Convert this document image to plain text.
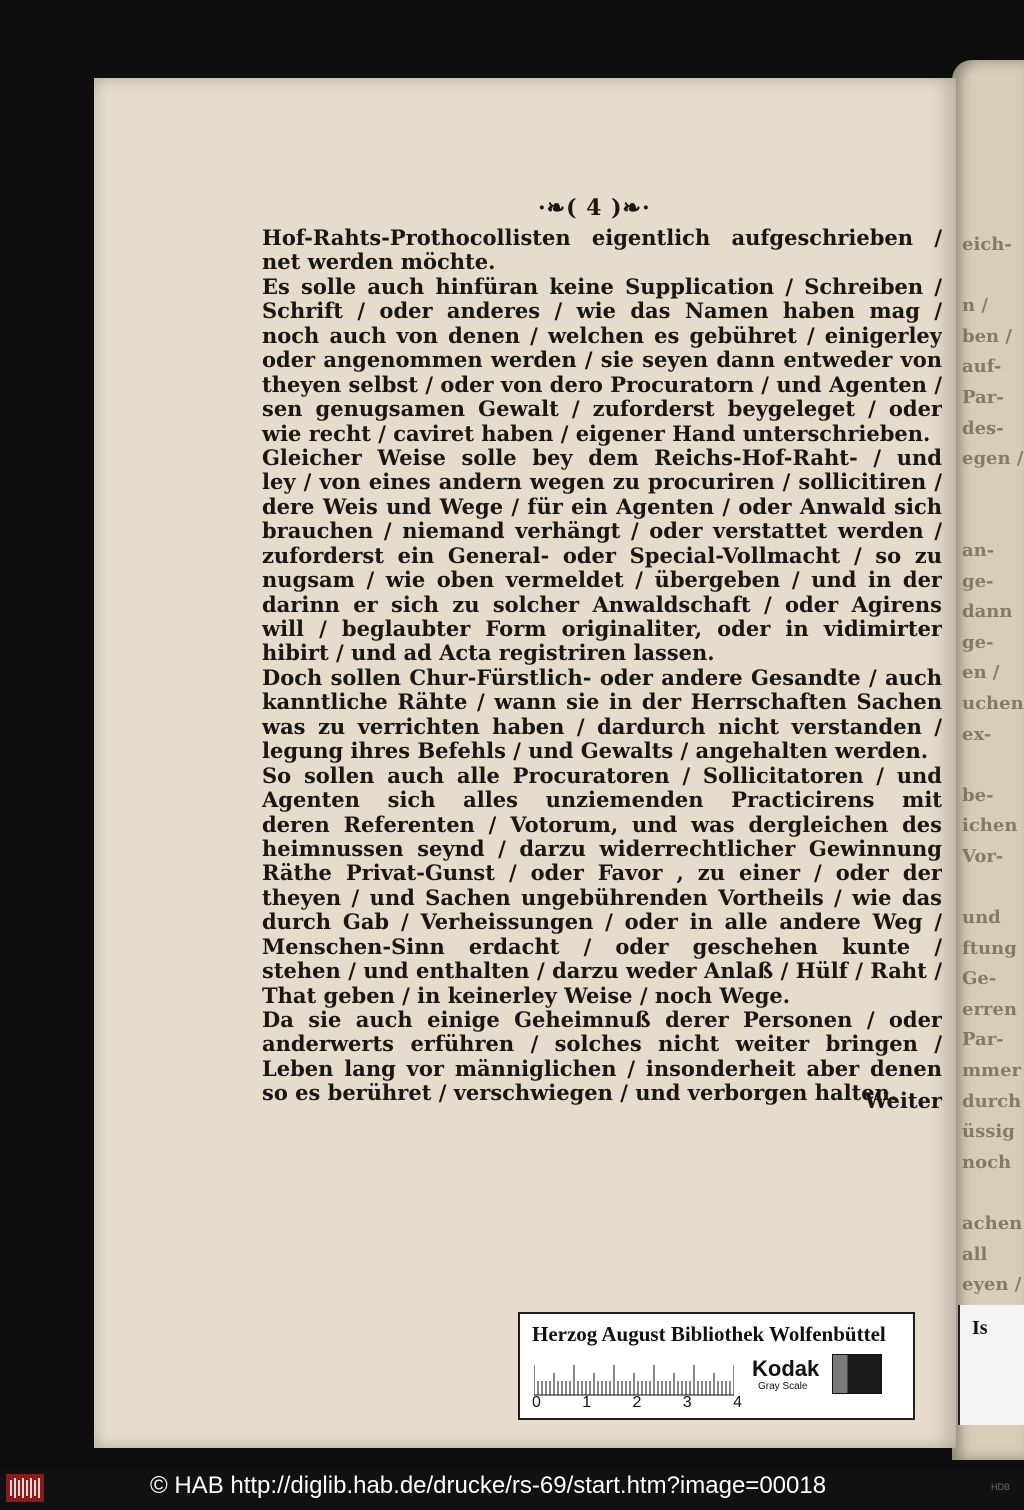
eich-
n /
ben /
auf-
Par-
des-
egen /
an-
ge-
dann
ge-
en /
uchen
ex-
be-
ichen
Vor-
und
ftung
Ge-
erren
Par-
mmer
durch
üssig
noch
achen
all
eyen /
·❧( 4 )❧·
Hof-Rahts-Prothocollisten eigentlich aufgeschrieben /
net werden möchte.
Es solle auch hinfüran keine Supplication / Schreiben /
Schrift / oder anderes / wie das Namen haben mag /
noch auch von denen / welchen es gebühret / einigerley
oder angenommen werden / sie seyen dann entweder von
theyen selbst / oder von dero Procuratorn / und Agenten /
sen genugsamen Gewalt / zuforderst beygeleget / oder
wie recht / caviret haben / eigener Hand unterschrieben.
Gleicher Weise solle bey dem Reichs-Hof-Raht- / und
ley / von eines andern wegen zu procuriren / sollicitiren /
dere Weis und Wege / für ein Agenten / oder Anwald sich
brauchen / niemand verhängt / oder verstattet werden /
zuforderst ein General- oder Special-Vollmacht / so zu
nugsam / wie oben vermeldet / übergeben / und in der
darinn er sich zu solcher Anwaldschaft / oder Agirens
will / beglaubter Form originaliter, oder in vidimirter
hibirt / und ad Acta registriren lassen.
Doch sollen Chur-Fürstlich- oder andere Gesandte / auch
kanntliche Rähte / wann sie in der Herrschaften Sachen
was zu verrichten haben / dardurch nicht verstanden /
legung ihres Befehls / und Gewalts / angehalten werden.
So sollen auch alle Procuratoren / Sollicitatoren / und
Agenten sich alles unziemenden Practicirens mit
deren Referenten / Votorum, und was dergleichen des
heimnussen seynd / darzu widerrechtlicher Gewinnung
Räthe Privat-Gunst / oder Favor , zu einer / oder der
theyen / und Sachen ungebührenden Vortheils / wie das
durch Gab / Verheissungen / oder in alle andere Weg /
Menschen-Sinn erdacht / oder geschehen kunte /
stehen / und enthalten / darzu weder Anlaß / Hülf / Raht /
That geben / in keinerley Weise / noch Wege.
Da sie auch einige Geheimnuß derer Personen / oder
anderwerts erführen / solches nicht weiter bringen /
Leben lang vor männiglichen / insonderheit aber denen
so es berühret / verschwiegen / und verborgen halten.
Weiter
Herzog August Bibliothek Wolfenbüttel
0	1	2	3	4
Kodak
Gray Scale
Is
© HAB http://diglib.hab.de/drucke/rs-69/start.htm?image=00018	HDB
